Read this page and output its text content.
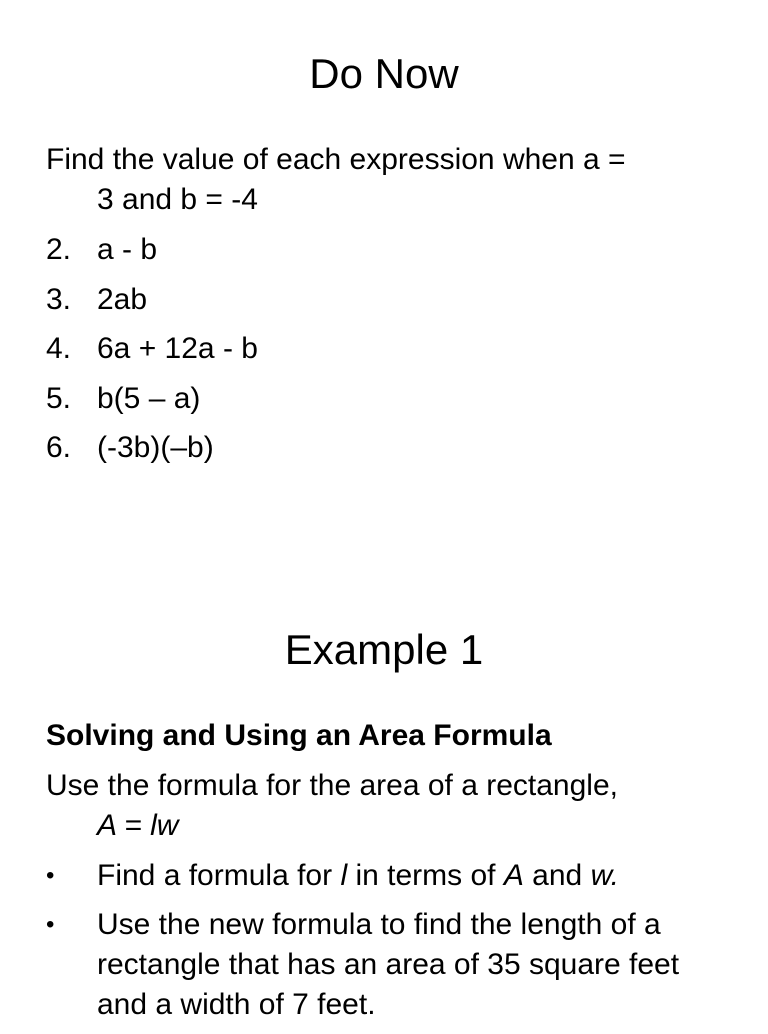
Do Now
Find the value of each expression when a =
3 and b = -4
2. a - b
3. 2ab
4. 6a + 12a - b
5. b(5 – a)
6. (-3b)(–b)
Example 1
Solving and Using an Area Formula
Use the formula for the area of a rectangle,
A = lw
•	Find a formula for l in terms of A and w.
•	Use the new formula to find the length of a rectangle that has an area of 35 square feet and a width of 7 feet.
